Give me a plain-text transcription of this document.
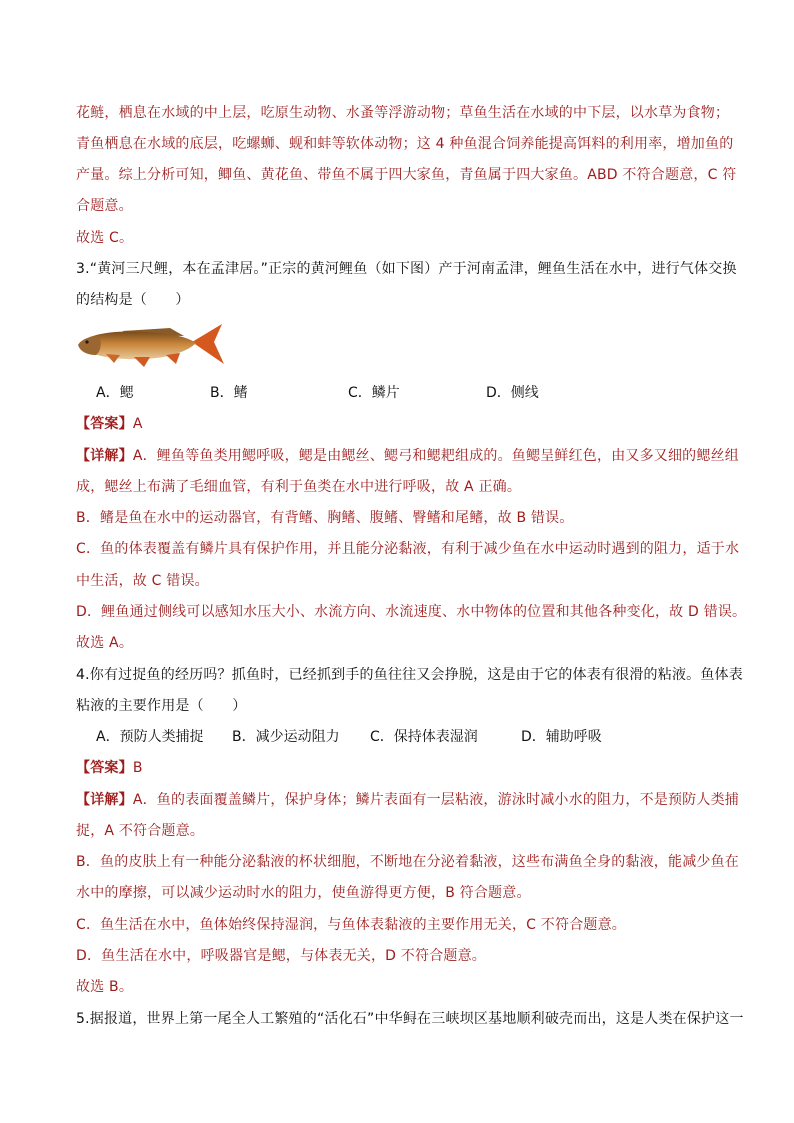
花鲢，栖息在水域的中上层，吃原生动物、水蚤等浮游动物；草鱼生活在水域的中下层，以水草为食物；

青鱼栖息在水域的底层，吃螺蛳、蚬和蚌等软体动物；这 4 种鱼混合饲养能提高饵料的利用率，增加鱼的

产量。综上分析可知，鲫鱼、黄花鱼、带鱼不属于四大家鱼，青鱼属于四大家鱼。ABD 不符合题意，C 符

合题意。

故选 C。

3.“黄河三尺鲤，本在孟津居。”正宗的黄河鲤鱼（如下图）产于河南孟津，鲤鱼生活在水中，进行气体交换

的结构是（　　）

A．鳃	B．鳍	C．鳞片	D．侧线

【答案】A

【详解】A．鲤鱼等鱼类用鳃呼吸，鳃是由鳃丝、鳃弓和鳃耙组成的。鱼鳃呈鲜红色，由又多又细的鳃丝组

成，鳃丝上布满了毛细血管，有利于鱼类在水中进行呼吸，故 A 正确。

B．鳍是鱼在水中的运动器官，有背鳍、胸鳍、腹鳍、臀鳍和尾鳍，故 B 错误。

C．鱼的体表覆盖有鳞片具有保护作用，并且能分泌黏液，有利于减少鱼在水中运动时遇到的阻力，适于水

中生活，故 C 错误。

D．鲤鱼通过侧线可以感知水压大小、水流方向、水流速度、水中物体的位置和其他各种变化，故 D 错误。

故选 A。

4.你有过捉鱼的经历吗？抓鱼时，已经抓到手的鱼往往又会挣脱，这是由于它的体表有很滑的粘液。鱼体表

粘液的主要作用是（　　）

A．预防人类捕捉 B．减少运动阻力 C．保持体表湿润	D．辅助呼吸

【答案】B

【详解】A．鱼的表面覆盖鳞片，保护身体；鳞片表面有一层粘液，游泳时减小水的阻力，不是预防人类捕

捉，A 不符合题意。

B．鱼的皮肤上有一种能分泌黏液的杯状细胞，不断地在分泌着黏液，这些布满鱼全身的黏液，能减少鱼在

水中的摩擦，可以减少运动时水的阻力，使鱼游得更方便，B 符合题意。

C．鱼生活在水中，鱼体始终保持湿润，与鱼体表黏液的主要作用无关，C 不符合题意。

D．鱼生活在水中，呼吸器官是鳃，与体表无关，D 不符合题意。

故选 B。

5.据报道，世界上第一尾全人工繁殖的“活化石”中华鲟在三峡坝区基地顺利破壳而出，这是人类在保护这一
